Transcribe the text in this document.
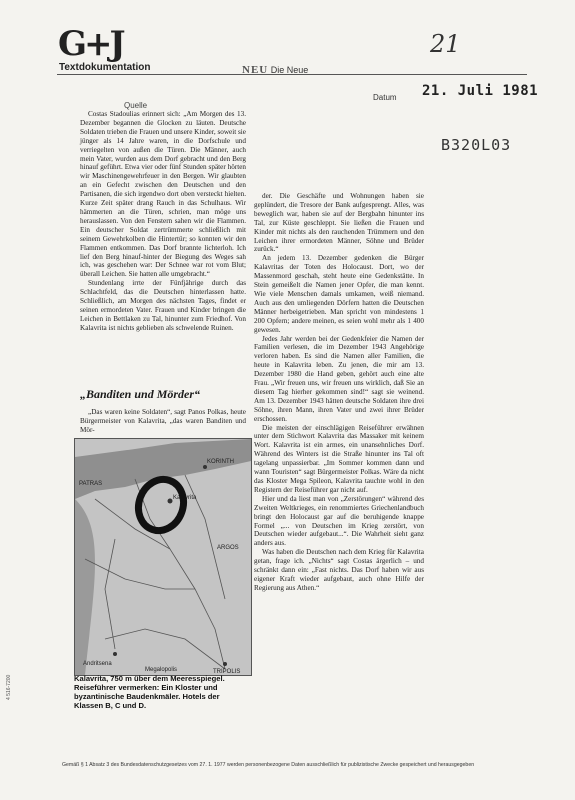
G+J
Textdokumentation
21
NEU Die Neue
Datum 21. Juli 1981
B320L03
Quelle

Costas Stadoulias erinnert sich: „Am Morgen des 13. Dezember begannen die Glocken zu läuten. Deutsche Soldaten trieben die Frauen und unsere Kinder, soweit sie jünger als 14 Jahre waren, in die Dorfschule und verriegelten von außen die Türen. Die Männer, auch mein Vater, wurden aus dem Dorf gebracht und den Berg hinauf geführt. Etwa vier oder fünf Stunden später hörten wir Maschinengewehrfeuer in den Bergen. Wir glaubten an ein Gefecht zwischen den Deutschen und den Partisanen, die sich irgendwo dort oben versteckt hielten. Kurze Zeit später drang Rauch in das Schulhaus. Wir hämmerten an die Türen, schrien, man möge uns herauslassen. Von den Fenstern sahen wir die Flammen. Ein deutscher Soldat zertrümmerte schließlich mit seinem Gewehrkolben die Hintertür; so konnten wir den Flammen entkommen. Das Dorf brannte lichterloh. Ich lief den Berg hinauf-hinter der Biegung des Weges sah ich, was geschehen war: Der Schnee war rot vom Blut; überall Leichen. Sie hatten alle umgebracht.“

Stundenlang irrte der Fünfjährige durch das Schlachtfeld, das die Deutschen hinterlassen hatte. Schließlich, am Morgen des nächsten Tages, findet er seinen ermordeten Vater. Frauen und Kinder bringen die Leichen in Bettlaken zu Tal, hinunter zum Friedhof. Von Kalavrita ist nichts geblieben als schwelende Ruinen.

„Banditen und Mörder“

„Das waren keine Soldaten“, sagt Panos Polkas, heute Bürgermeister von Kalavrita, „das waren Banditen und Mör-

KORINTH
Kalavrita
PATRAS
ARGOS
TRIPOLIS
Andritsena
Megalopolis
Kalavrita, 750 m über dem Meeresspiegel. Reiseführer vermerken: Ein Kloster und byzantinische Baudenkmäler. Hotels der Klassen B, C und D.

der. Die Geschäfte und Wohnungen haben sie geplündert, die Tresore der Bank aufgesprengt. Alles, was beweglich war, haben sie auf der Bergbahn hinunter ins Tal, zur Küste geschleppt. Sie ließen die Frauen und Kinder mit nichts als den rauchenden Trümmern und den Leichen ihrer ermordeten Männer, Söhne und Brüder zurück.“

An jedem 13. Dezember gedenken die Bürger Kalavritas der Toten des Holocaust. Dort, wo der Massenmord geschah, steht heute eine Gedenkstätte. In Stein gemeißelt die Namen jener Opfer, die man kennt. Wie viele Menschen damals umkamen, weiß niemand. Auch aus den umliegenden Dörfern hatten die Deutschen Männer herbeigetrieben. Man spricht von mindestens 1 200 Opfern; andere meinen, es seien wohl mehr als 1 400 gewesen.

Jedes Jahr werden bei der Gedenkfeier die Namen der Familien verlesen, die im Dezember 1943 Angehörige verloren haben. Es sind die Namen aller Familien, die heute in Kalavrita leben. Zu jenen, die mir am 13. Dezember 1980 die Hand geben, gehört auch eine alte Frau. „Wir freuen uns, wir freuen uns wirklich, daß Sie an diesem Tag hierher gekommen sind!“ sagt sie weinend. Am 13. Dezember 1943 hätten deutsche Soldaten ihre drei Söhne, ihren Mann, ihren Vater und zwei ihrer Brüder erschossen.

Die meisten der einschlägigen Reiseführer erwähnen unter dem Stichwort Kalavrita das Massaker mit keinem Wort. Kalavrita ist ein armes, ein unansehnliches Dorf. Während des Winters ist die Straße hinunter ins Tal oft tagelang unpassierbar. „Im Sommer kommen dann und wann Touristen“ sagt Bürgermeister Polkas. Wäre da nicht das Kloster Mega Spileon, Kalavrita tauchte wohl in den Registern der Reiseführer gar nicht auf.

Hier und da liest man von „Zerstörungen“ während des Zweiten Weltkrieges, ein renommiertes Griechenlandbuch bringt den Holocaust gar auf die beruhigende knappe Formel „... von Deutschen im Krieg zerstört, von Deutschen wieder aufgebaut...“. Die Wahrheit sieht ganz anders aus.

Was haben die Deutschen nach dem Krieg für Kalavrita getan, frage ich. „Nichts“ sagt Costas ärgerlich – und schränkt dann ein: „Fast nichts. Das Dorf haben wir aus eigener Kraft wieder aufgebaut, auch ohne Hilfe der Regierung aus Athen.“

Gemäß § 1 Absatz 3 des Bundesdatenschutzgesetzes vom 27. 1. 1977 werden personenbezogene Daten ausschließlich für publizistische Zwecke gespeichert und herausgegeben
4 516-7200
